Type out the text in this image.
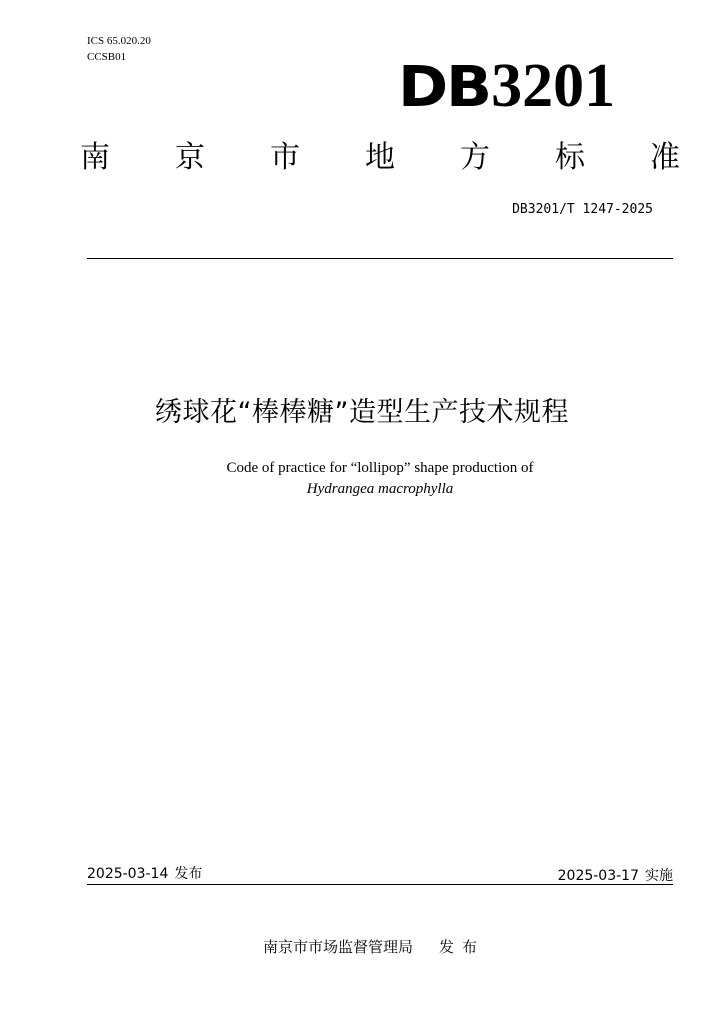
ICS 65.020.20
CCSB01	DB 3201
南 京 市 地 方 标 准
DB3201/T 1247-2025
绣球花“棒棒糖”造型生产技术规程
Code of practice for “lollipop” shape production of
Hydrangea macrophylla
2025-03-14 发布	2025-03-17 实施
南京市市场监督管理局 发布
